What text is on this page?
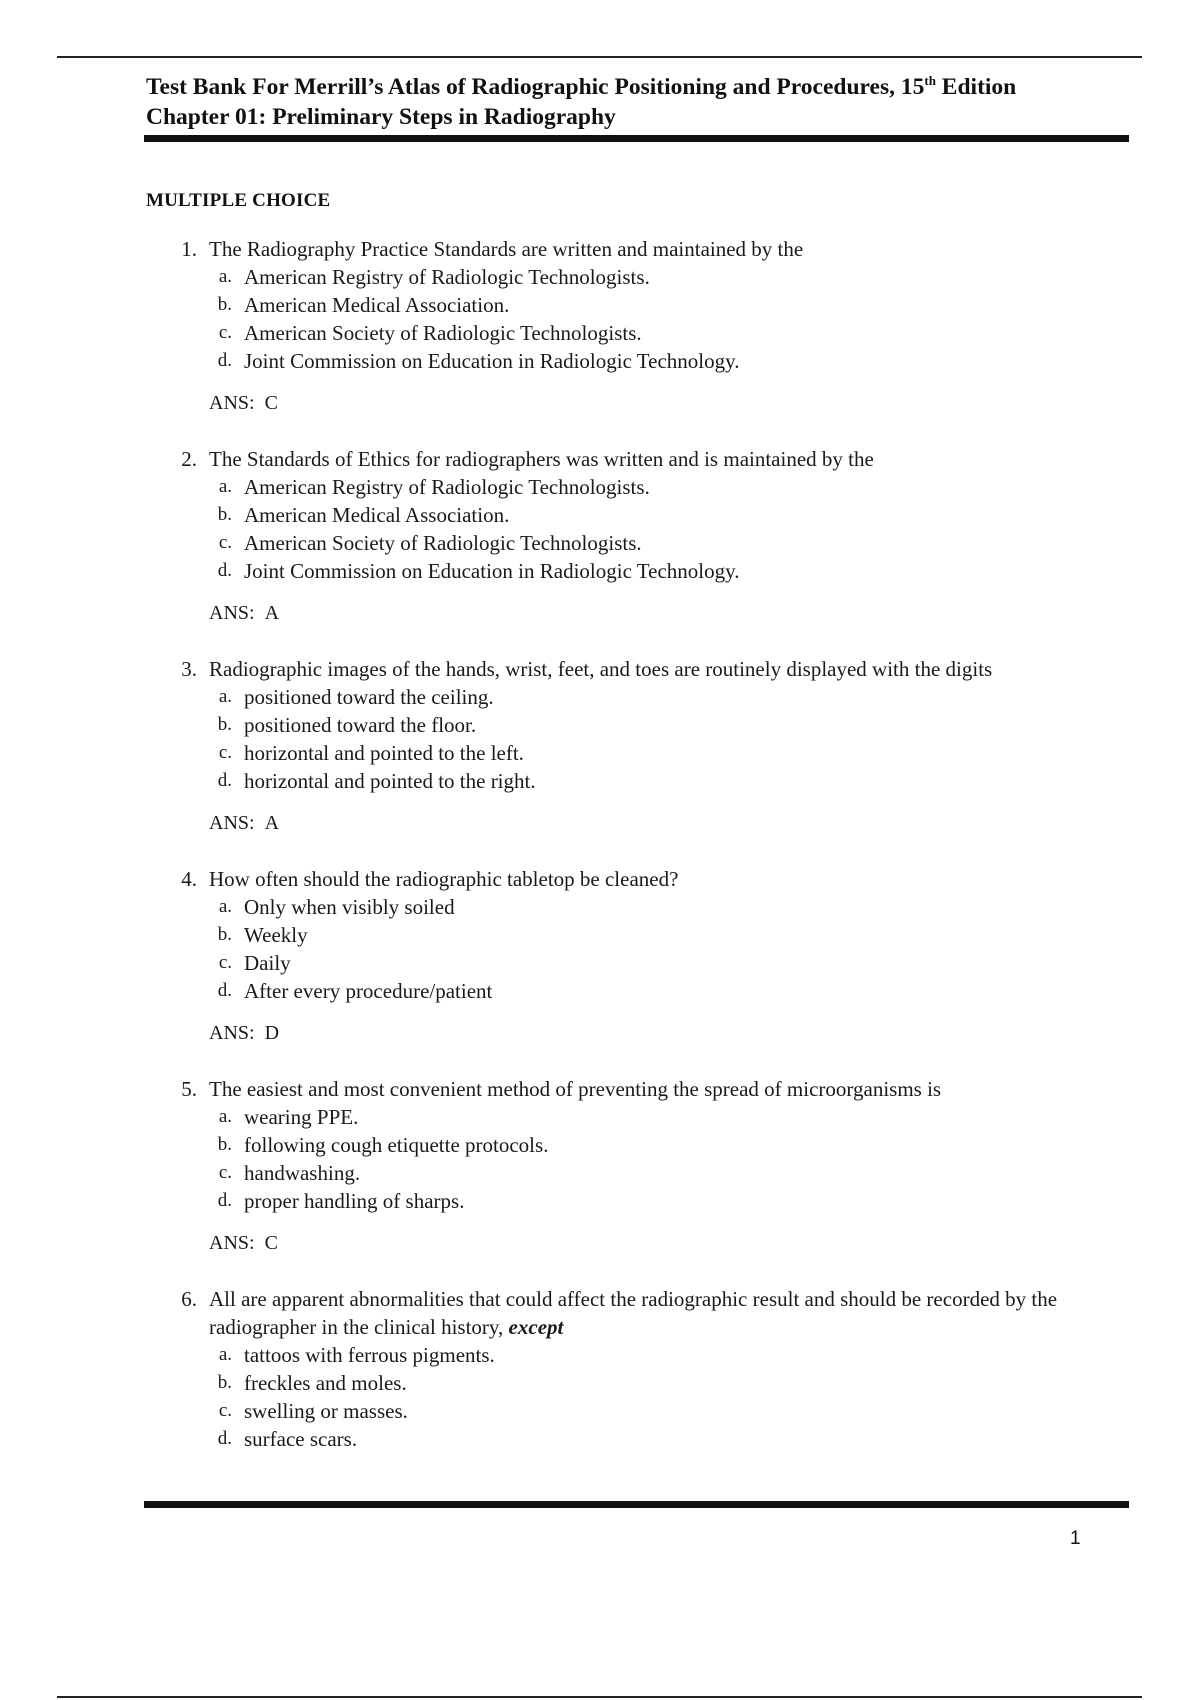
Test Bank For Merrill’s Atlas of Radiographic Positioning and Procedures, 15th Edition
Chapter 01: Preliminary Steps in Radiography
MULTIPLE CHOICE
1. The Radiography Practice Standards are written and maintained by the
a. American Registry of Radiologic Technologists.
b. American Medical Association.
c. American Society of Radiologic Technologists.
d. Joint Commission on Education in Radiologic Technology.
ANS: C
2. The Standards of Ethics for radiographers was written and is maintained by the
a. American Registry of Radiologic Technologists.
b. American Medical Association.
c. American Society of Radiologic Technologists.
d. Joint Commission on Education in Radiologic Technology.
ANS: A
3. Radiographic images of the hands, wrist, feet, and toes are routinely displayed with the digits
a. positioned toward the ceiling.
b. positioned toward the floor.
c. horizontal and pointed to the left.
d. horizontal and pointed to the right.
ANS: A
4. How often should the radiographic tabletop be cleaned?
a. Only when visibly soiled
b. Weekly
c. Daily
d. After every procedure/patient
ANS: D
5. The easiest and most convenient method of preventing the spread of microorganisms is
a. wearing PPE.
b. following cough etiquette protocols.
c. handwashing.
d. proper handling of sharps.
ANS: C
6. All are apparent abnormalities that could affect the radiographic result and should be recorded by the radiographer in the clinical history, except
a. tattoos with ferrous pigments.
b. freckles and moles.
c. swelling or masses.
d. surface scars.
1
